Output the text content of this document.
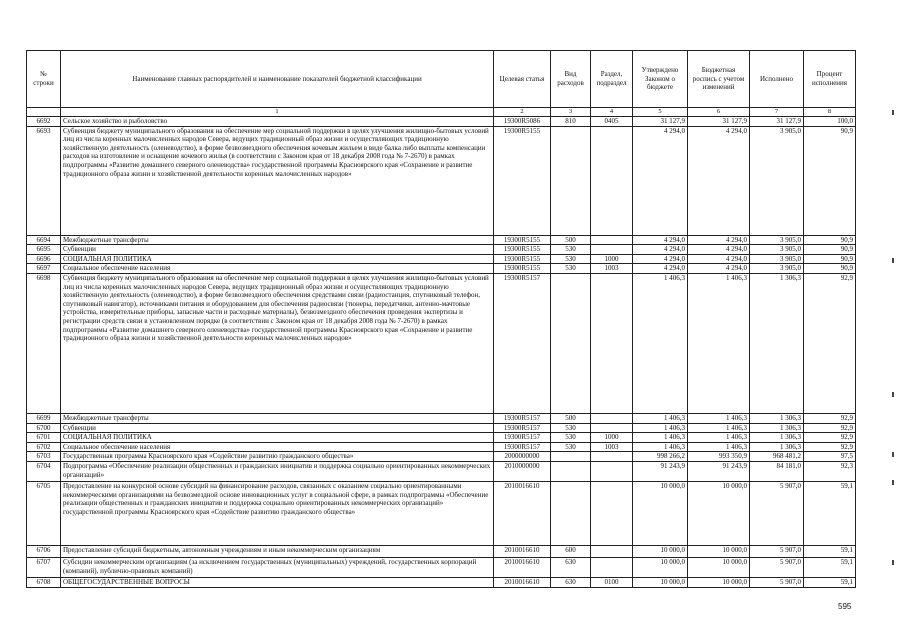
№
строки	Наименование главных распорядителей и наименование показателей бюджетной классификации	Целевая статья	Вид расходов	Раздел, подраздел	Утверждено Законом о бюджете	Бюджетная роспись с учетом изменений	Исполнено	Процент исполнения
	1	2	3	4	5	6	7	8
6692	Сельское хозяйство и рыболовство	19300R5086	810	0405	31 127,9	31 127,9	31 127,9	100,0
6693	Субвенция бюджету муниципального образования на обеспечение мер социальной поддержки в целях улучшения жилищно-бытовых условий лиц из числа коренных малочисленных народов Севера, ведущих традиционный образ жизни и осуществляющих традиционную хозяйственную деятельность (оленеводство), в форме безвозмездного обеспечения кочевым жильем в виде балка либо выплаты компенсации расходов на изготовление и оснащение кочевого жилья (в соответствии с Законом края от 18 декабря 2008 года № 7-2670) в рамках подпрограммы «Развитие домашнего северного оленеводства» государственной программы Красноярского края «Сохранение и развитие традиционного образа жизни и хозяйственной деятельности коренных малочисленных народов»	19300R5155			4 294,0	4 294,0	3 905,0	90,9
6694	Межбюджетные трансферты	19300R5155	500		4 294,0	4 294,0	3 905,0	90,9
6695	Субвенции	19300R5155	530		4 294,0	4 294,0	3 905,0	90,9
6696	СОЦИАЛЬНАЯ ПОЛИТИКА	19300R5155	530	1000	4 294,0	4 294,0	3 905,0	90,9
6697	Социальное обеспечение населения	19300R5155	530	1003	4 294,0	4 294,0	3 905,0	90,9
6698	Субвенция бюджету муниципального образования на обеспечение мер социальной поддержки в целях улучшения жилищно-бытовых условий лиц из числа коренных малочисленных народов Севера, ведущих традиционный образ жизни и осуществляющих традиционную хозяйственную деятельность (оленеводство), в форме безвозмездного обеспечения средствами связи (радиостанция, спутниковый телефон, спутниковый навигатор), источниками питания и оборудованием для обеспечения радиосвязи (тюнеры, передатчики, антенно-мачтовые устройства, измерительные приборы, запасные части и расходные материалы), безвозмездного обеспечения проведения экспертизы и регистрации средств связи в установленном порядке (в соответствии с Законом края от 18 декабря 2008 года № 7-2670) в рамках подпрограммы «Развитие домашнего северного оленеводства» государственной программы Красноярского края «Сохранение и развитие традиционного образа жизни и хозяйственной деятельности коренных малочисленных народов»	19300R5157			1 406,3	1 406,3	1 306,3	92,9
6699	Межбюджетные трансферты	19300R5157	500		1 406,3	1 406,3	1 306,3	92,9
6700	Субвенции	19300R5157	530		1 406,3	1 406,3	1 306,3	92,9
6701	СОЦИАЛЬНАЯ ПОЛИТИКА	19300R5157	530	1000	1 406,3	1 406,3	1 306,3	92,9
6702	Социальное обеспечение населения	19300R5157	530	1003	1 406,3	1 406,3	1 306,3	92,9
6703	Государственная программа Красноярского края «Содействие развитию гражданского общества»	2000000000			998 266,2	993 350,9	968 481,2	97,5
6704	Подпрограмма «Обеспечение реализации общественных и гражданских инициатив и поддержка социально ориентированных некоммерческих организаций»	2010000000			91 243,9	91 243,9	84 181,0	92,3
6705	Предоставление на конкурсной основе субсидий на финансирование расходов, связанных с оказанием социально ориентированными некоммерческими организациями на безвозмездной основе инновационных услуг в социальной сфере, в рамках подпрограммы «Обеспечение реализации общественных и гражданских инициатив и поддержка социально ориентированных некоммерческих организаций» государственной программы Красноярского края «Содействие развитию гражданского общества»	2010016610			10 000,0	10 000,0	5 907,0	59,1
6706	Предоставление субсидий бюджетным, автономным учреждениям и иным некоммерческим организациям	2010016610	600		10 000,0	10 000,0	5 907,0	59,1
6707	Субсидии некоммерческим организациям (за исключением государственных (муниципальных) учреждений, государственных корпораций (компаний), публично-правовых компаний)	2010016610	630		10 000,0	10 000,0	5 907,0	59,1
6708	ОБЩЕГОСУДАРСТВЕННЫЕ ВОПРОСЫ	2010016610	630	0100	10 000,0	10 000,0	5 907,0	59,1
595
